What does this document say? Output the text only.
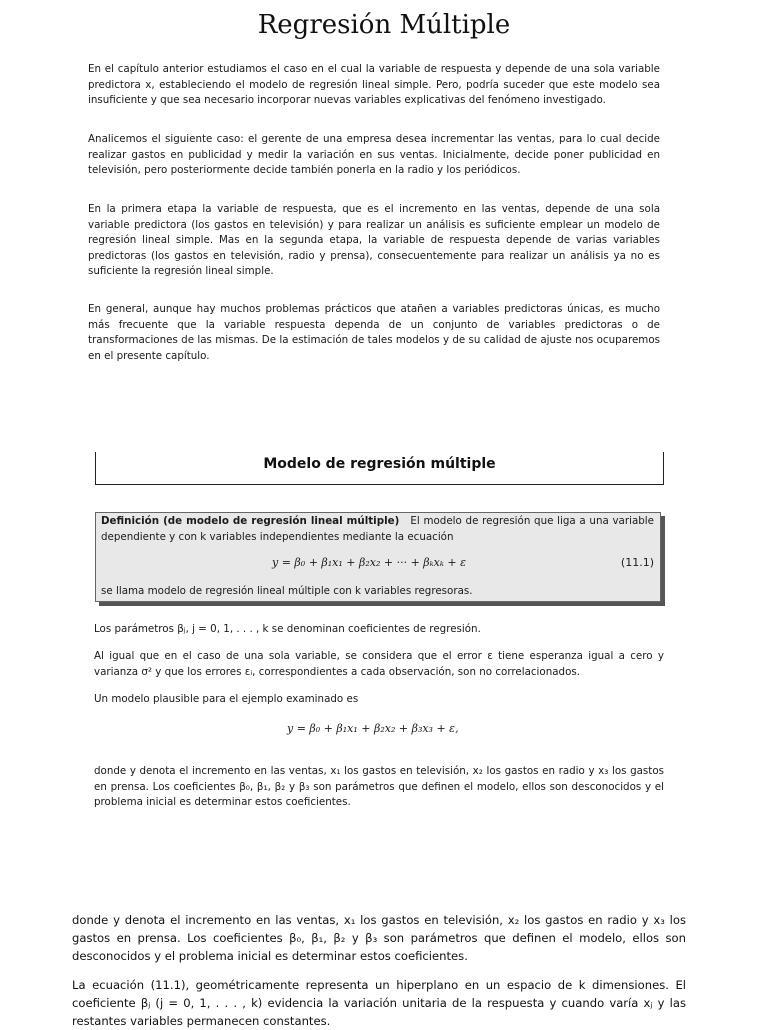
Regresión Múltiple
En el capítulo anterior estudiamos el caso en el cual la variable de respuesta y depende de una sola variable predictora x, estableciendo el modelo de regresión lineal simple. Pero, podría suceder que este modelo sea insuficiente y que sea necesario incorporar nuevas variables explicativas del fenómeno investigado.
Analicemos el siguiente caso: el gerente de una empresa desea incrementar las ventas, para lo cual decide realizar gastos en publicidad y medir la variación en sus ventas. Inicialmente, decide poner publicidad en televisión, pero posteriormente decide también ponerla en la radio y los periódicos.
En la primera etapa la variable de respuesta, que es el incremento en las ventas, depende de una sola variable predictora (los gastos en televisión) y para realizar un análisis es suficiente emplear un modelo de regresión lineal simple. Mas en la segunda etapa, la variable de respuesta depende de varias variables predictoras (los gastos en televisión, radio y prensa), consecuentemente para realizar un análisis ya no es suficiente la regresión lineal simple.
En general, aunque hay muchos problemas prácticos que atañen a variables predictoras únicas, es mucho más frecuente que la variable respuesta dependa de un conjunto de variables predictoras o de transformaciones de las mismas. De la estimación de tales modelos y de su calidad de ajuste nos ocuparemos en el presente capítulo.
Modelo de regresión múltiple
Definición (de modelo de regresión lineal múltiple) El modelo de regresión que liga a una variable dependiente y con k variables independientes mediante la ecuación
y = β₀ + β₁x₁ + β₂x₂ + ··· + βₖxₖ + ε	(11.1)
se llama modelo de regresión lineal múltiple con k variables regresoras.
Los parámetros βⱼ, j = 0, 1, . . . , k se denominan coeficientes de regresión.
Al igual que en el caso de una sola variable, se considera que el error ε tiene esperanza igual a cero y varianza σ² y que los errores εᵢ, correspondientes a cada observación, son no correlacionados.
Un modelo plausible para el ejemplo examinado es
y = β₀ + β₁x₁ + β₂x₂ + β₃x₃ + ε,
donde y denota el incremento en las ventas, x₁ los gastos en televisión, x₂ los gastos en radio y x₃ los gastos en prensa. Los coeficientes β₀, β₁, β₂ y β₃ son parámetros que definen el modelo, ellos son desconocidos y el problema inicial es determinar estos coeficientes.
donde y denota el incremento en las ventas, x₁ los gastos en televisión, x₂ los gastos en radio y x₃ los gastos en prensa. Los coeficientes β₀, β₁, β₂ y β₃ son parámetros que definen el modelo, ellos son desconocidos y el problema inicial es determinar estos coeficientes.
La ecuación (11.1), geométricamente representa un hiperplano en un espacio de k dimensiones. El coeficiente βⱼ (j = 0, 1, . . . , k) evidencia la variación unitaria de la respuesta y cuando varía xⱼ y las restantes variables permanecen constantes.
